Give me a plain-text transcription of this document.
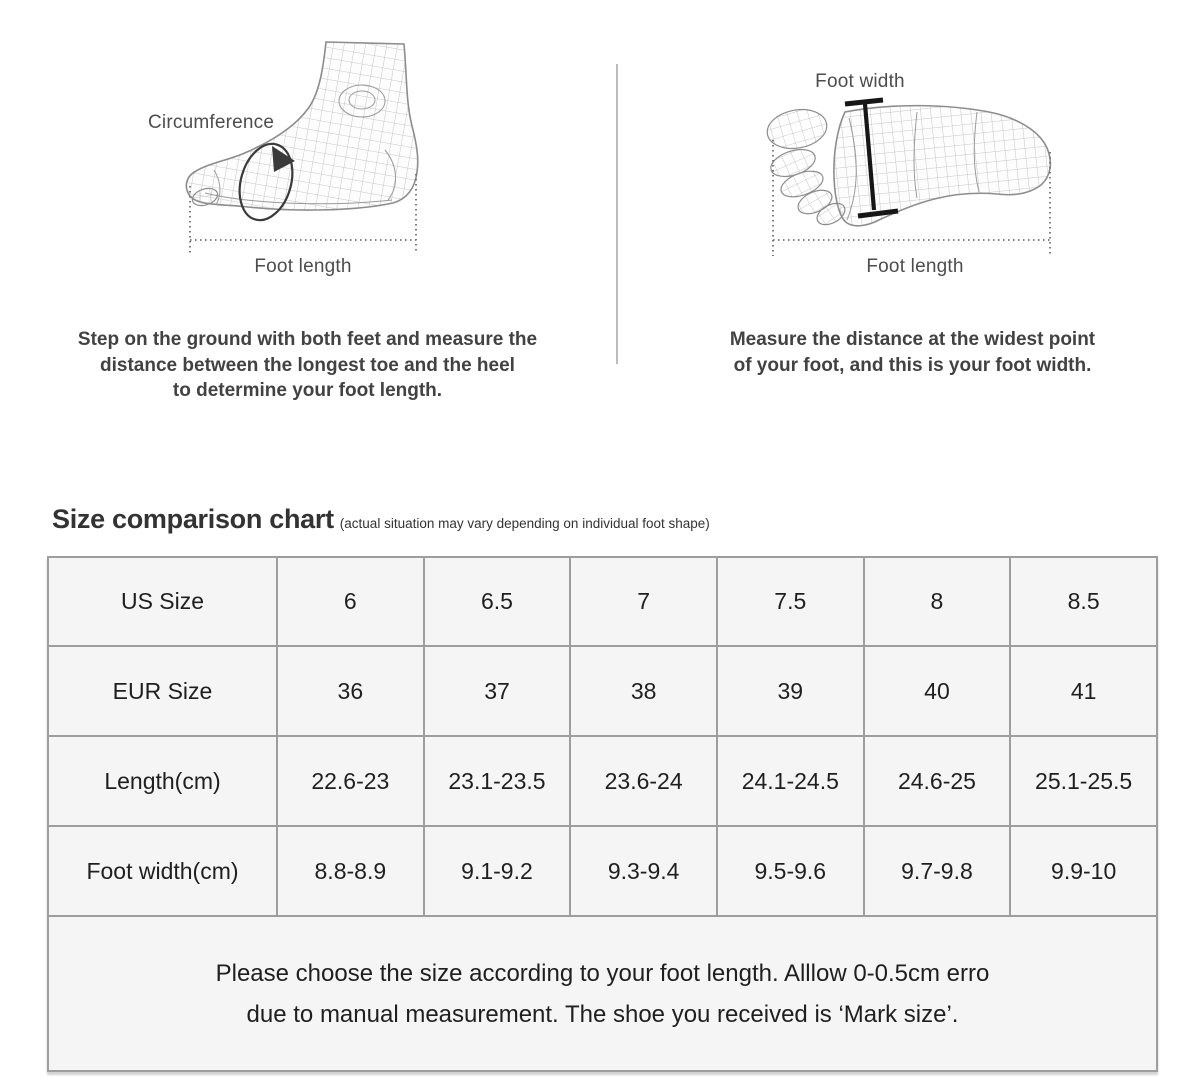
Circumference
Foot length
Foot width
Foot length
Step on the ground with both feet and measure the
distance between the longest toe and the heel
to determine your foot length.
Measure the distance at the widest point
of your foot, and this is your foot width.
Size comparison chart (actual situation may vary depending on individual foot shape)
US Size	6	6.5	7	7.5	8	8.5
EUR Size	36	37	38	39	40	41
Length(cm)	22.6-23	23.1-23.5	23.6-24	24.1-24.5	24.6-25	25.1-25.5
Foot width(cm)	8.8-8.9	9.1-9.2	9.3-9.4	9.5-9.6	9.7-9.8	9.9-10

Please choose the size according to your foot length. Alllow 0-0.5cm erro
due to manual measurement. The shoe you received is ‘Mark size’.						
